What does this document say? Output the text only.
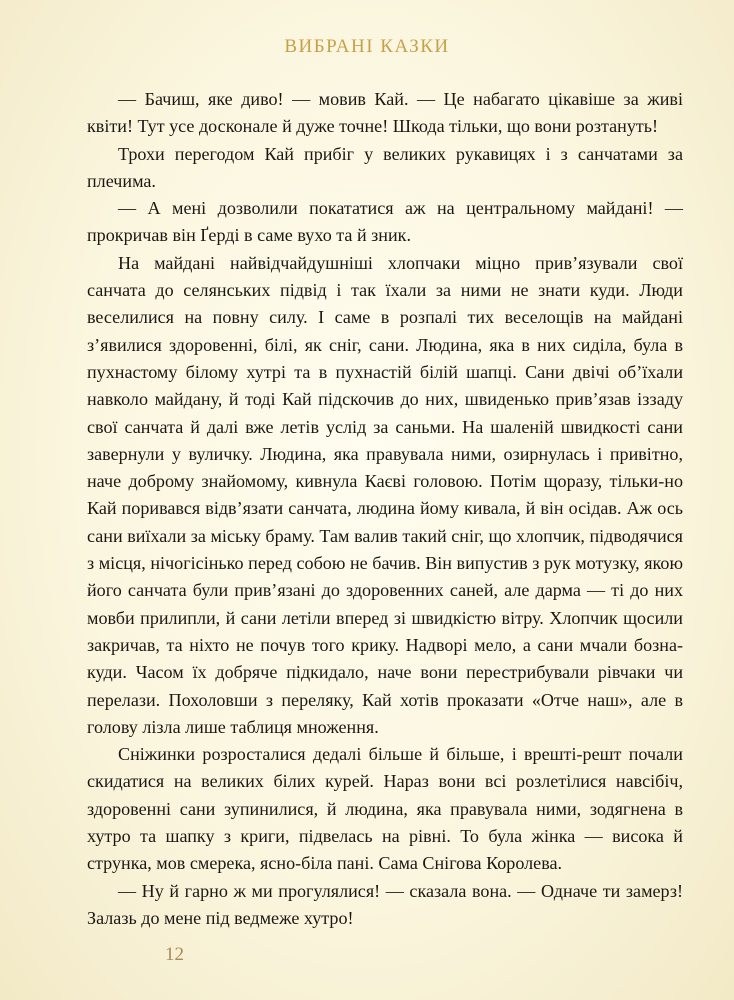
ВИБРАНІ КАЗКИ

— Бачиш, яке диво! — мовив Кай. — Це набагато цікавіше за живі квіти! Тут усе досконале й дуже точне! Шкода тільки, що вони розтануть!

Трохи перегодом Кай прибіг у великих рукавицях і з санчатами за плечима.

— А мені дозволили покататися аж на центральному майдані! — прокричав він Ґерді в саме вухо та й зник.

На майдані найвідчайдушніші хлопчаки міцно прив’язували свої санчата до селянських підвід і так їхали за ними не знати куди. Люди веселилися на повну силу. І саме в розпалі тих веселощів на майдані з’явилися здоровенні, білі, як сніг, сани. Людина, яка в них сиділа, була в пухнастому білому хутрі та в пухнастій білій шапці. Сани двічі об’їхали навколо майдану, й тоді Кай підскочив до них, швиденько прив’язав іззаду свої санчата й далі вже летів услід за саньми. На шаленій швидкості сани завернули у вуличку. Людина, яка правувала ними, озирнулась і привітно, наче доброму знайомому, кивнула Каєві головою. Потім щоразу, тільки-но Кай поривався відв’язати санчата, людина йому кивала, й він осідав. Аж ось сани виїхали за міську браму. Там валив такий сніг, що хлопчик, підводячися з місця, нічогісінько перед собою не бачив. Він випустив з рук мотузку, якою його санчата були прив’язані до здоровенних саней, але дарма — ті до них мовби прилипли, й сани летіли вперед зі швидкістю вітру. Хлопчик щосили закричав, та ніхто не почув того крику. Надворі мело, а сани мчали бозна-куди. Часом їх добряче підкидало, наче вони перестрибували рівчаки чи перелази. Похоловши з переляку, Кай хотів проказати «Отче наш», але в голову лізла лише таблиця множення.

Сніжинки розросталися дедалі більше й більше, і врешті-решт почали скидатися на великих білих курей. Нараз вони всі розлетілися навсібіч, здоровенні сани зупинилися, й людина, яка правувала ними, зодягнена в хутро та шапку з криги, підвелась на рівні. То була жінка — висока й струнка, мов смерека, ясно-біла пані. Сама Снігова Королева.

— Ну й гарно ж ми прогулялися! — сказала вона. — Одначе ти замерз! Залазь до мене під ведмеже хутро!

12
